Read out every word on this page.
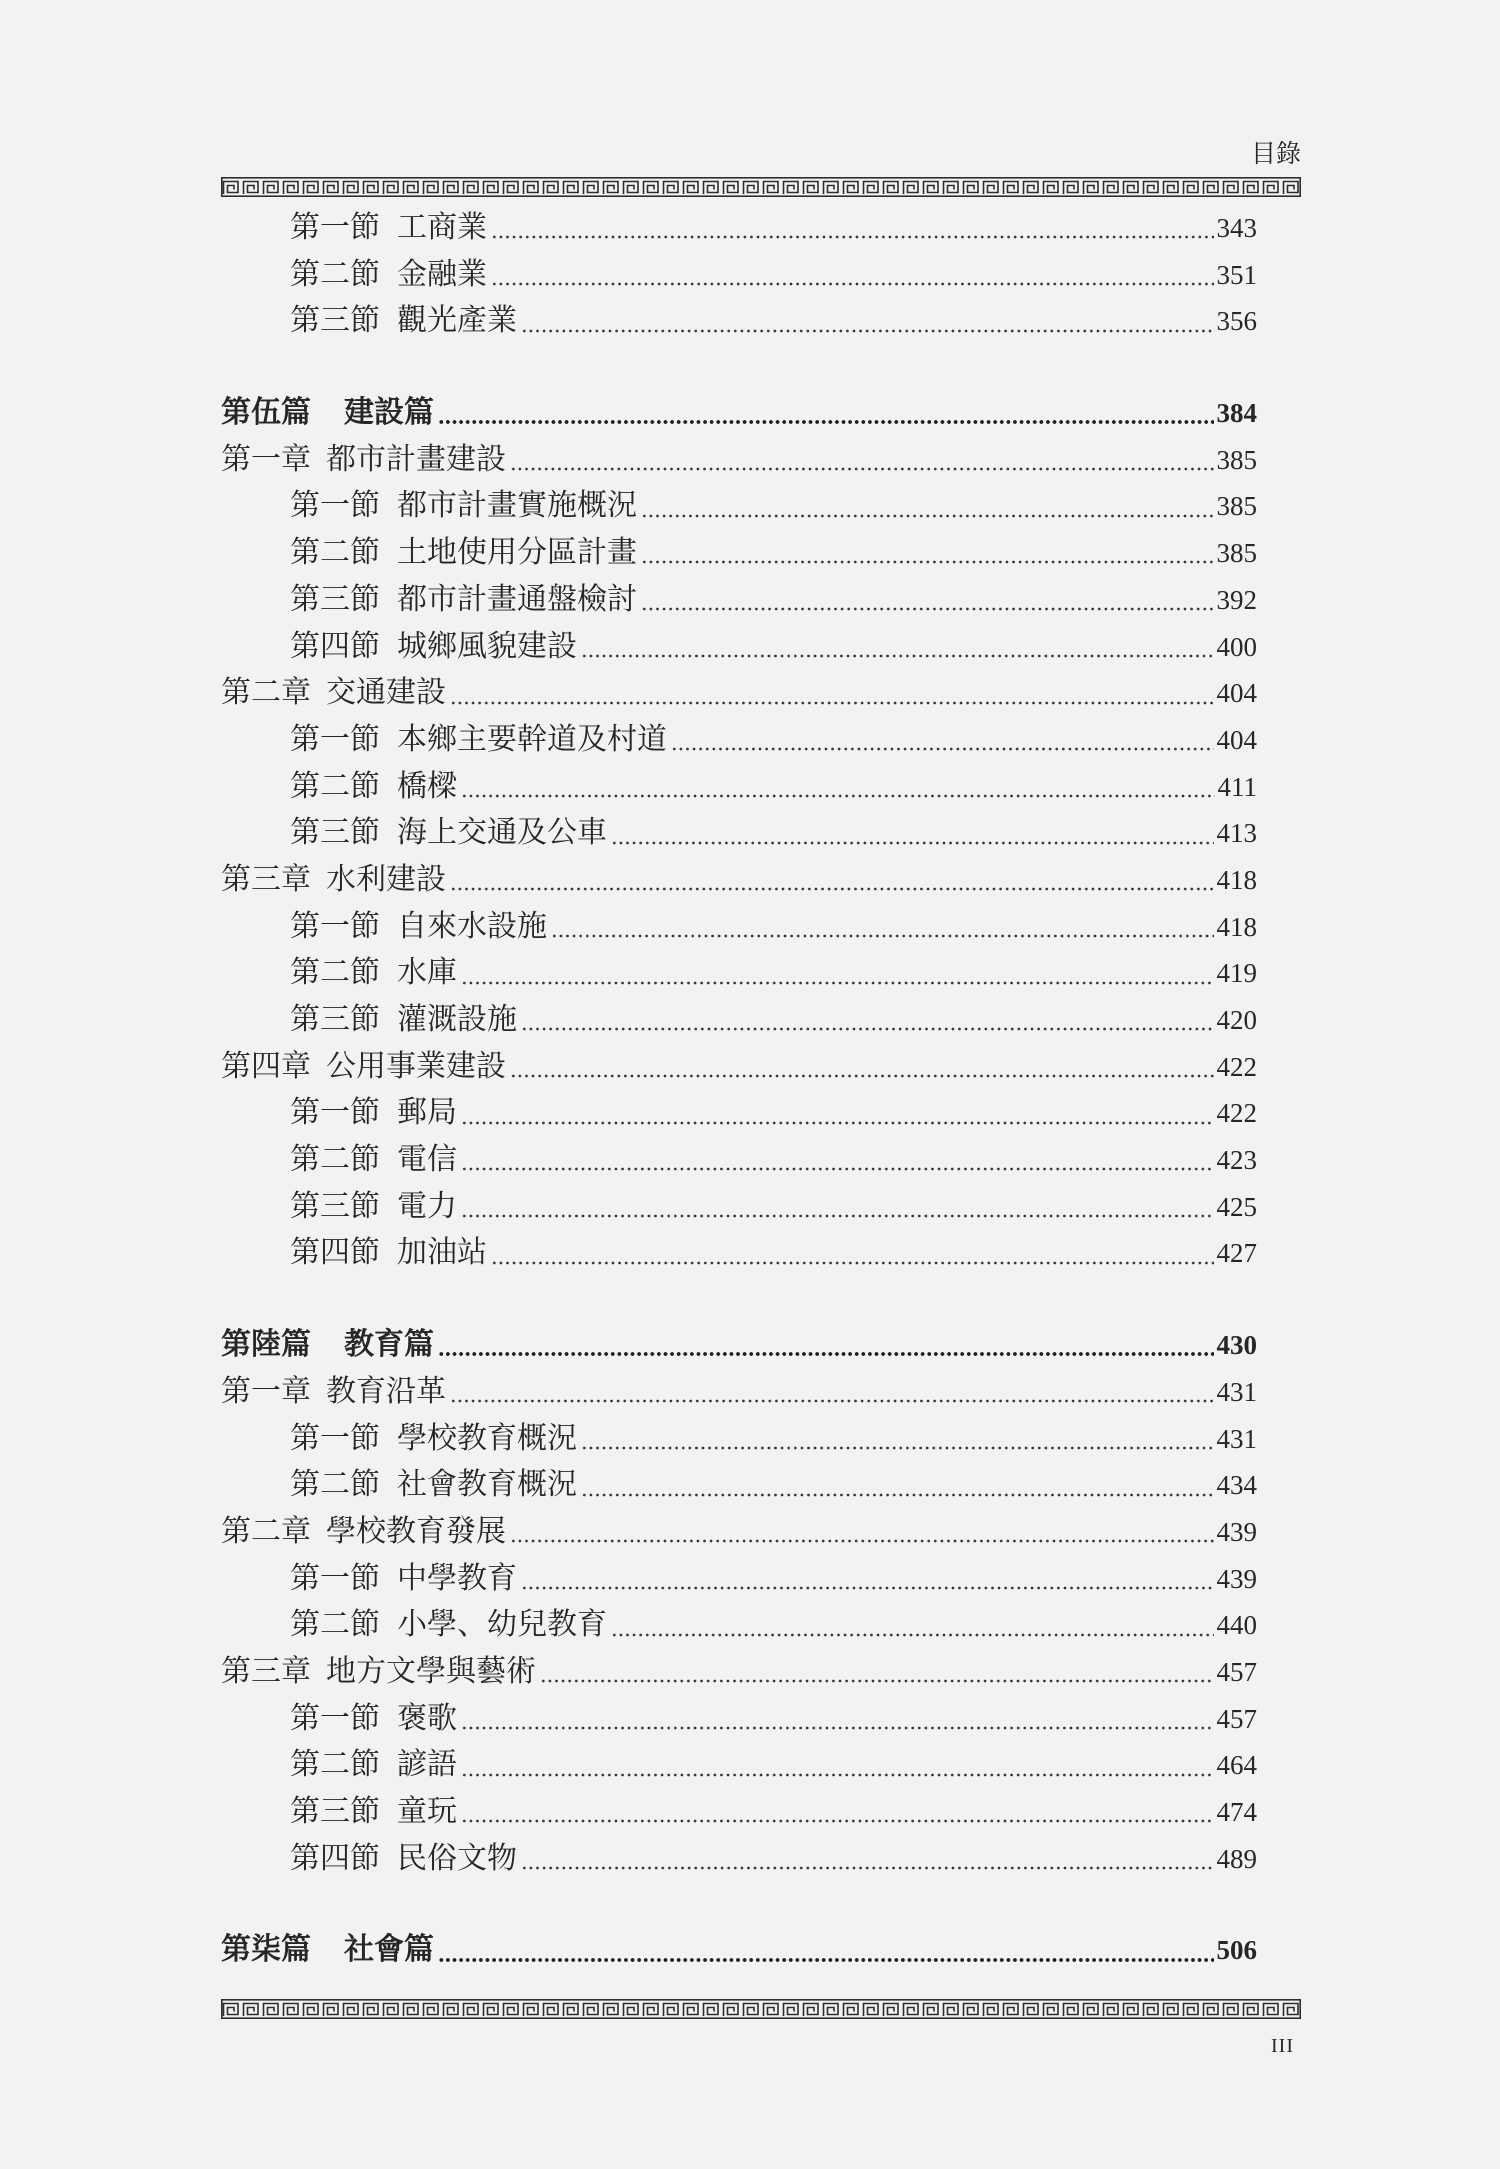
目錄
第一節 工商業	343
第二節 金融業	351
第三節 觀光產業	356
第伍篇 建設篇	384
第一章 都市計畫建設	385
第一節 都市計畫實施概況	385
第二節 土地使用分區計畫	385
第三節 都市計畫通盤檢討	392
第四節 城鄉風貌建設	400
第二章 交通建設	404
第一節 本鄉主要幹道及村道	404
第二節 橋樑	411
第三節 海上交通及公車	413
第三章 水利建設	418
第一節 自來水設施	418
第二節 水庫	419
第三節 灌溉設施	420
第四章 公用事業建設	422
第一節 郵局	422
第二節 電信	423
第三節 電力	425
第四節 加油站	427
第陸篇 教育篇	430
第一章 教育沿革	431
第一節 學校教育概況	431
第二節 社會教育概況	434
第二章 學校教育發展	439
第一節 中學教育	439
第二節 小學、幼兒教育	440
第三章 地方文學與藝術	457
第一節 褒歌	457
第二節 諺語	464
第三節 童玩	474
第四節 民俗文物	489
第柒篇 社會篇	506
III
